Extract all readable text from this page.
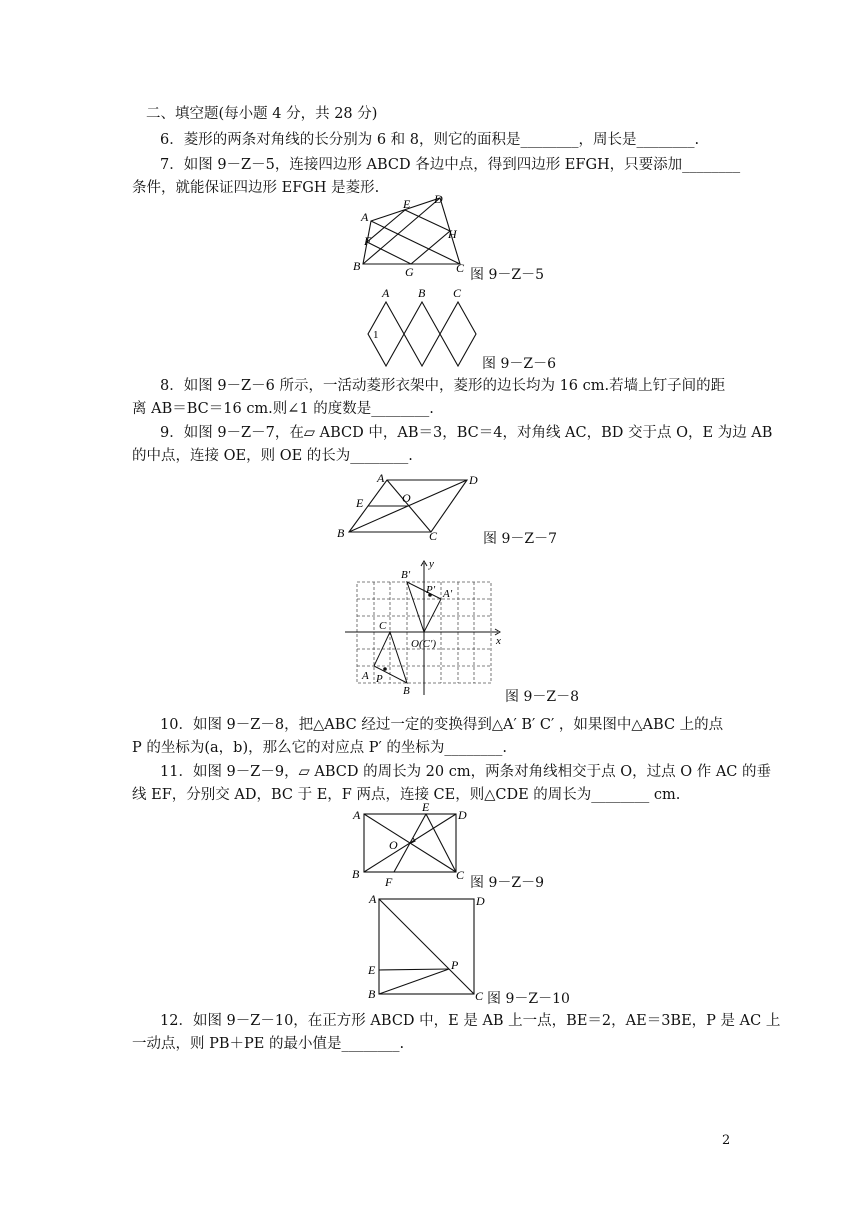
二、填空题(每小题 4 分，共 28 分)
6．菱形的两条对角线的长分别为 6 和 8，则它的面积是________，周长是________.
7．如图 9－Z－5，连接四边形 ABCD 各边中点，得到四边形 EFGH，只要添加________
条件，就能保证四边形 EFGH 是菱形.
A
E D
F	H
B	G	C 图 9－Z－5
A B C
1
图 9－Z－6
8．如图 9－Z－6 所示，一活动菱形衣架中，菱形的边长均为 16 cm.若墙上钉子间的距
离 AB＝BC＝16 cm.则∠1 的度数是________.
9．如图 9－Z－7，在▱ ABCD 中，AB＝3，BC＝4，对角线 AC，BD 交于点 O，E 为边 AB
的中点，连接 OE，则 OE 的长为________.
A	D
E	O
B	C	图 9－Z－7
y
B′
P′ A′
C
x
O(C′)
A P
B	图 9－Z－8
10．如图 9－Z－8，把△ABC 经过一定的变换得到△A′ B′ C′ ，如果图中△ABC 上的点
P 的坐标为(a，b)，那么它的对应点 P′ 的坐标为________.
11．如图 9－Z－9，▱ ABCD 的周长为 20 cm，两条对角线相交于点 O，过点 O 作 AC 的垂
线 EF，分别交 AD，BC 于 E，F 两点，连接 CE，则△CDE 的周长为________ cm.
A
E
D
O
B
F	C 图 9－Z－9
A	D
E	P
B	C 图 9－Z－10
12．如图 9－Z－10，在正方形 ABCD 中，E 是 AB 上一点，BE＝2，AE＝3BE，P 是 AC 上
一动点，则 PB＋PE 的最小值是________.
2
